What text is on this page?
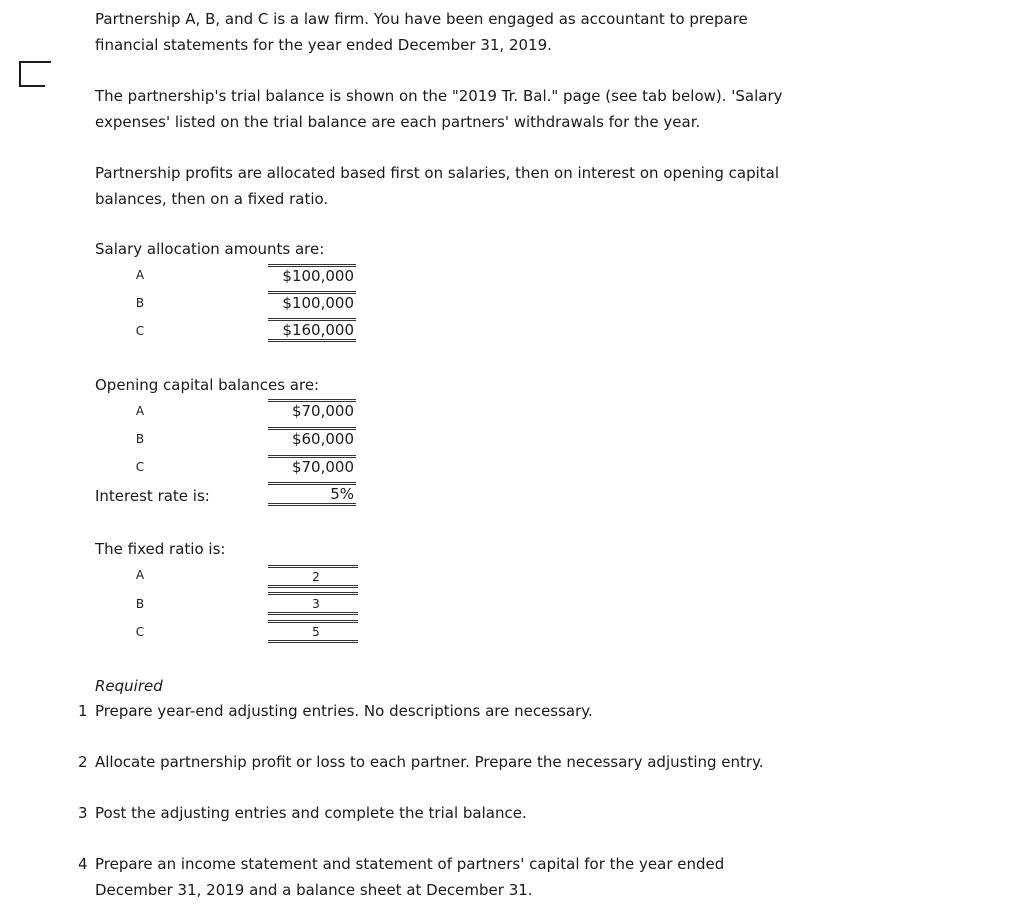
Partnership A, B, and C is a law firm. You have been engaged as accountant to prepare
financial statements for the year ended December 31, 2019.
The partnership's trial balance is shown on the "2019 Tr. Bal." page (see tab below). 'Salary
expenses' listed on the trial balance are each partners' withdrawals for the year.
Partnership profits are allocated based first on salaries, then on interest on opening capital
balances, then on a fixed ratio.
Salary allocation amounts are:
A	$100,000
B	$100,000
C	$160,000
Opening capital balances are:
A	$70,000
B	$60,000
C	$70,000
Interest rate is:	5%
The fixed ratio is:
A	2
B	3
C	5
Required
1 Prepare year-end adjusting entries. No descriptions are necessary.
2 Allocate partnership profit or loss to each partner. Prepare the necessary adjusting entry.
3 Post the adjusting entries and complete the trial balance.
4 Prepare an income statement and statement of partners' capital for the year ended
December 31, 2019 and a balance sheet at December 31.
